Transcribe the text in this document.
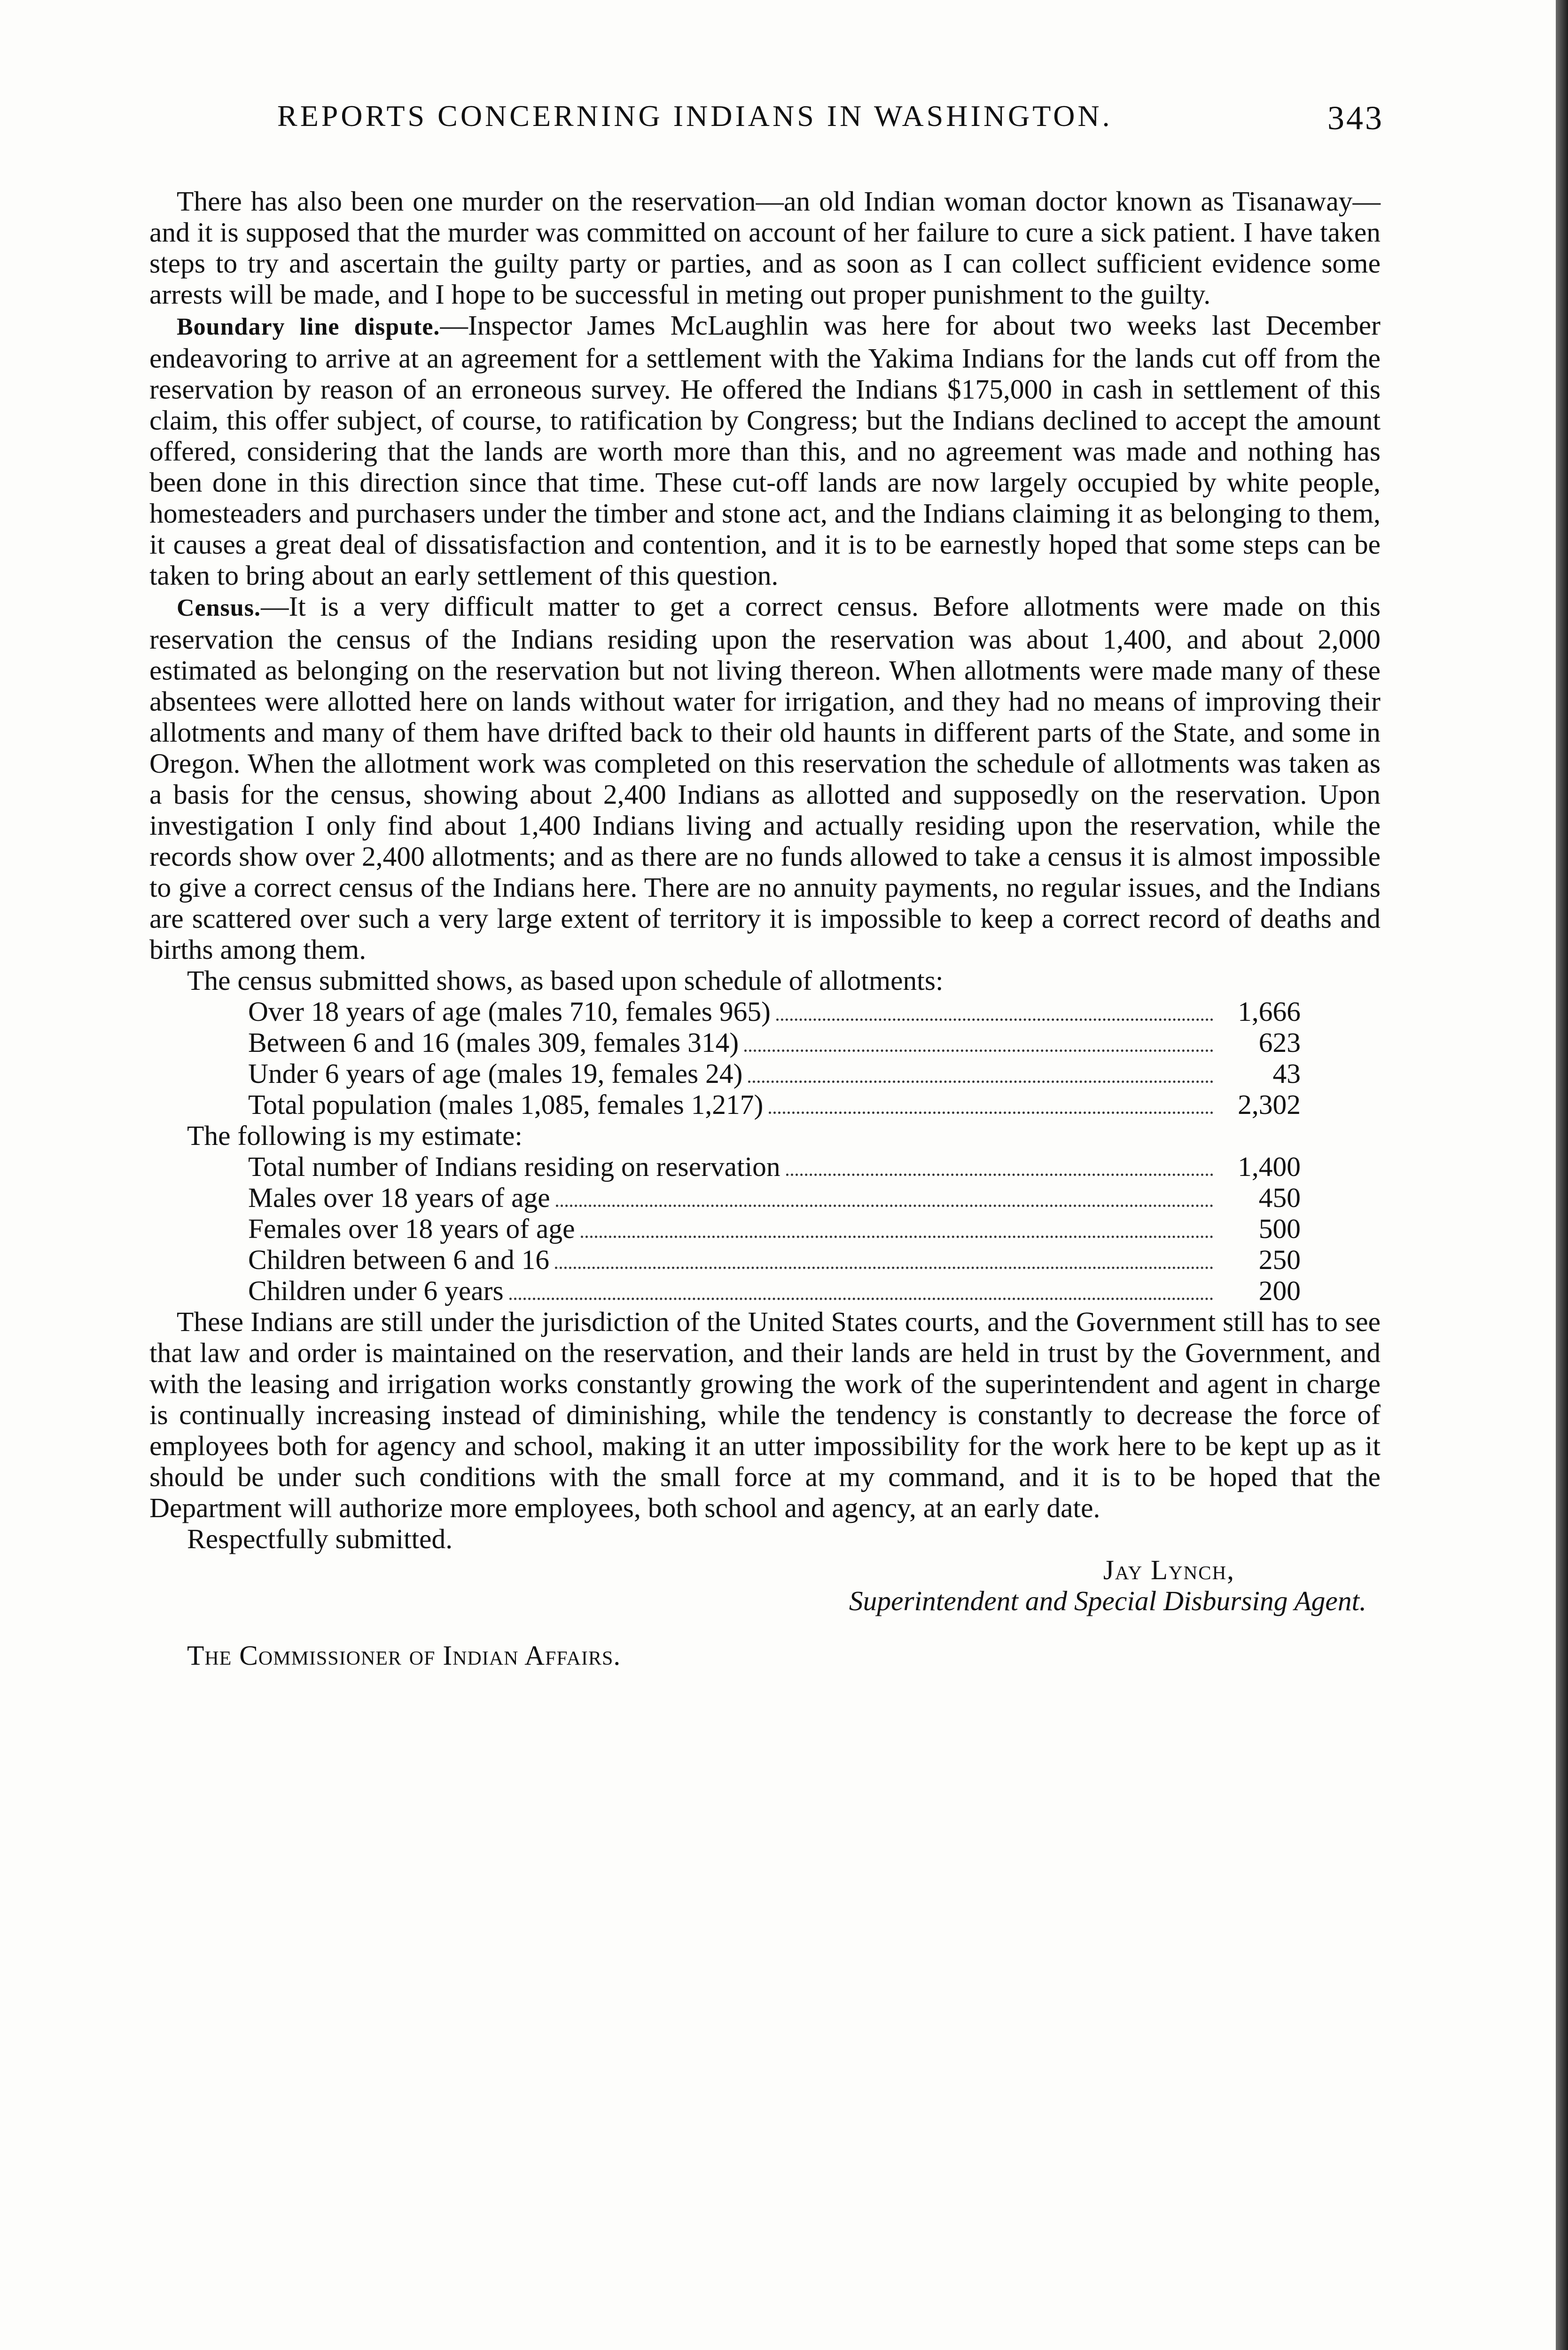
REPORTS CONCERNING INDIANS IN WASHINGTON.	343

There has also been one murder on the reservation—an old Indian woman doctor known as Tisanaway—and it is supposed that the murder was committed on account of her failure to cure a sick patient. I have taken steps to try and ascertain the guilty party or parties, and as soon as I can collect sufficient evidence some arrests will be made, and I hope to be successful in meting out proper punishment to the guilty.

Boundary line dispute.—Inspector James McLaughlin was here for about two weeks last December endeavoring to arrive at an agreement for a settlement with the Yakima Indians for the lands cut off from the reservation by reason of an erroneous survey. He offered the Indians $175,000 in cash in settlement of this claim, this offer subject, of course, to ratification by Congress; but the Indians declined to accept the amount offered, considering that the lands are worth more than this, and no agreement was made and nothing has been done in this direction since that time. These cut-off lands are now largely occupied by white people, homesteaders and purchasers under the timber and stone act, and the Indians claiming it as belonging to them, it causes a great deal of dissatisfaction and contention, and it is to be earnestly hoped that some steps can be taken to bring about an early settlement of this question.

Census.—It is a very difficult matter to get a correct census. Before allotments were made on this reservation the census of the Indians residing upon the reservation was about 1,400, and about 2,000 estimated as belonging on the reservation but not living thereon. When allotments were made many of these absentees were allotted here on lands without water for irrigation, and they had no means of improving their allotments and many of them have drifted back to their old haunts in different parts of the State, and some in Oregon. When the allotment work was completed on this reservation the schedule of allotments was taken as a basis for the census, showing about 2,400 Indians as allotted and supposedly on the reservation. Upon investigation I only find about 1,400 Indians living and actually residing upon the reservation, while the records show over 2,400 allotments; and as there are no funds allowed to take a census it is almost impossible to give a correct census of the Indians here. There are no annuity payments, no regular issues, and the Indians are scattered over such a very large extent of territory it is impossible to keep a correct record of deaths and births among them.

The census submitted shows, as based upon schedule of allotments:

Over 18 years of age (males 710, females 965)	1,666
Between 6 and 16 (males 309, females 314)	623
Under 6 years of age (males 19, females 24)	43
Total population (males 1,085, females 1,217)	2,302

The following is my estimate:

Total number of Indians residing on reservation	1,400
Males over 18 years of age	450
Females over 18 years of age	500
Children between 6 and 16	250
Children under 6 years	200

These Indians are still under the jurisdiction of the United States courts, and the Government still has to see that law and order is maintained on the reservation, and their lands are held in trust by the Government, and with the leasing and irrigation works constantly growing the work of the superintendent and agent in charge is continually increasing instead of diminishing, while the tendency is constantly to decrease the force of employees both for agency and school, making it an utter impossibility for the work here to be kept up as it should be under such conditions with the small force at my command, and it is to be hoped that the Department will authorize more employees, both school and agency, at an early date.

Respectfully submitted.

Jay Lynch,

Superintendent and Special Disbursing Agent.

The Commissioner of Indian Affairs.
